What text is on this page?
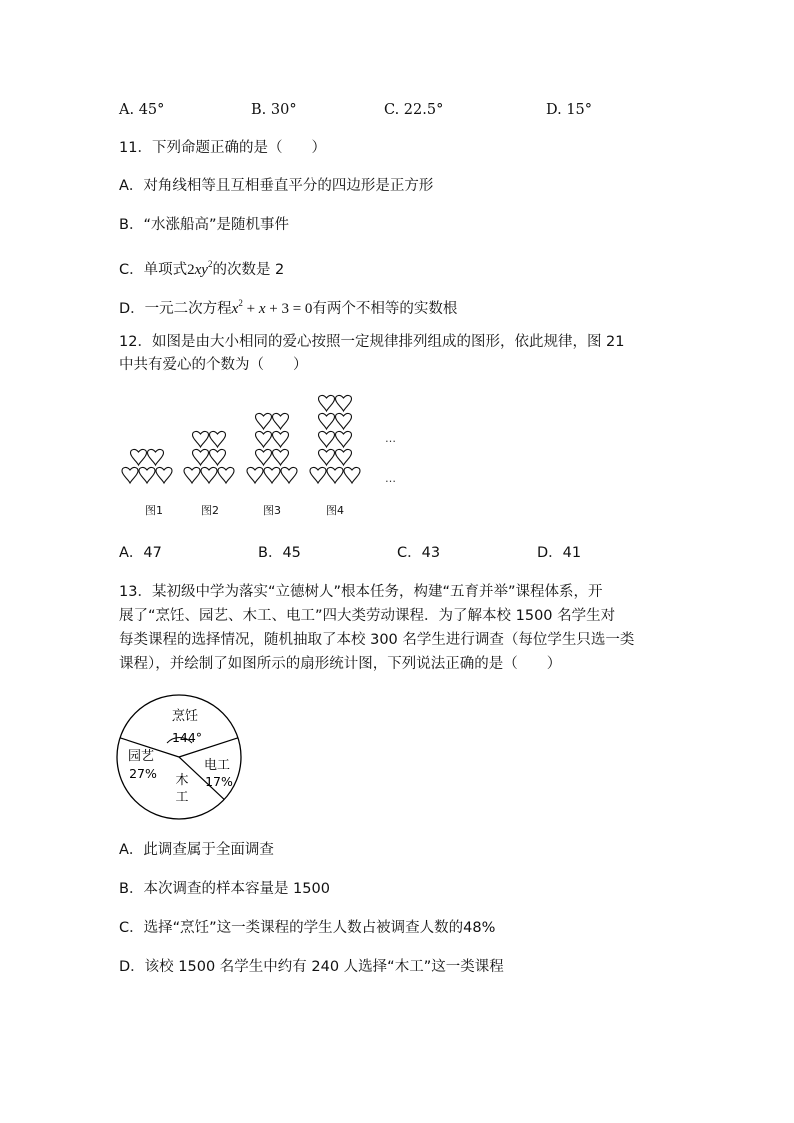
A. 45°	B. 30°	C. 22.5°	D. 15°
11．下列命题正确的是（　　）
A．对角线相等且互相垂直平分的四边形是正方形
B．“水涨船高”是随机事件
C．单项式$2xy^2$的次数是 2
D．一元二次方程$x^2 + x + 3 = 0$有两个不相等的实数根
12．如图是由大小相同的爱心按照一定规律排列组成的图形，依此规律，图 21
中共有爱心的个数为（　　）
…
…
图1	图2	图3	图4
A．47	B．45	C．43	D．41
13．某初级中学为落实“立德树人”根本任务，构建“五育并举”课程体系，开
展了“烹饪、园艺、木工、电工”四大类劳动课程．为了解本校 1500 名学生对
每类课程的选择情况，随机抽取了本校 300 名学生进行调查（每位学生只选一类
课程），并绘制了如图所示的扇形统计图，下列说法正确的是（　　）
烹饪
144°
园艺
27% 木
工
电工
17%
A．此调查属于全面调查
B．本次调查的样本容量是 1500
C．选择“烹饪”这一类课程的学生人数占被调查人数的48%
D．该校 1500 名学生中约有 240 人选择“木工”这一类课程
